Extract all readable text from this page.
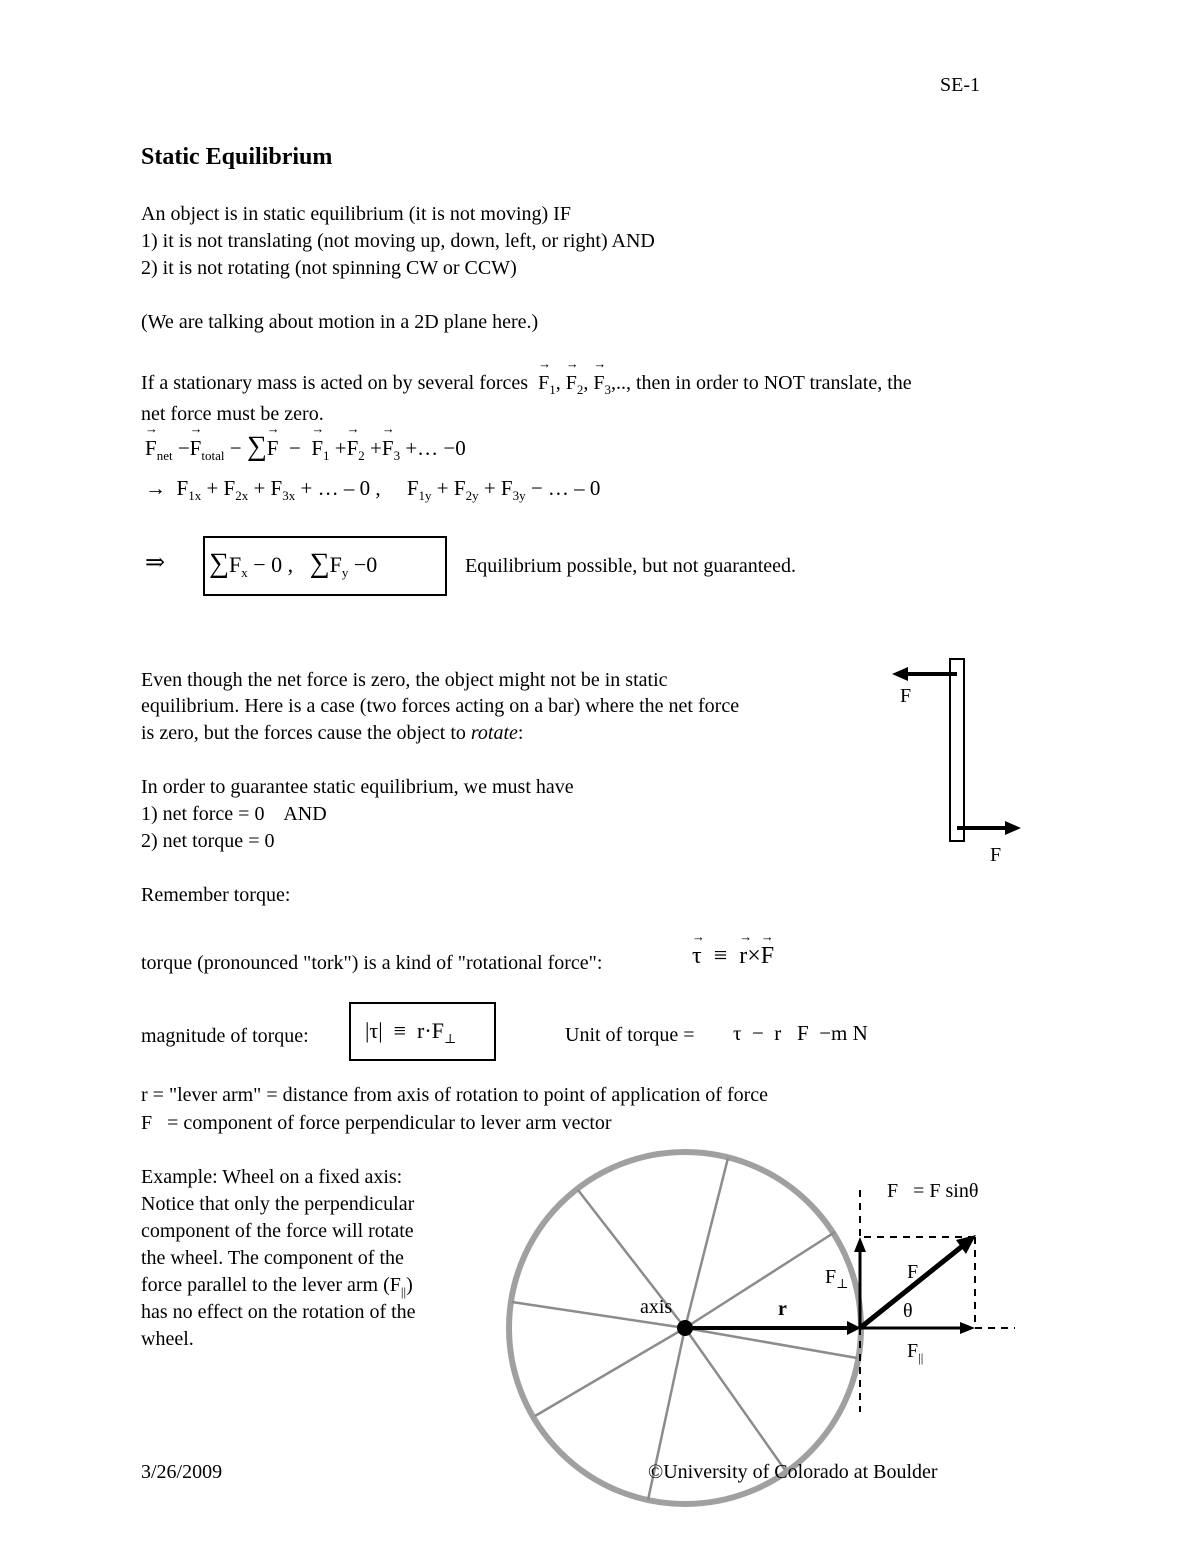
SE-1
Static Equilibrium
An object is in static equilibrium (it is not moving) IF
1) it is not translating (not moving up, down, left, or right) AND
2) it is not rotating (not spinning CW or CCW)
(We are talking about motion in a 2D plane here.)
If a stationary mass is acted on by several forces → $F_1$, → $F_2$, → $F_3$,.., then in order to NOT translate, the
net force must be zero.
→ $F_{net} -\to F_{total}$ − ∑→ F  −  → $F_1 +\to F_2 +\to F_3$ +… −0
→  $F_{1x} + F_{2x} + F_{3x}$ + … – 0 ,     $F_{1y} + F_{2y} + F_{3y}$ − … – 0
⇒ $\sum F_x - 0$ ,   $\sum F_y -0$	Equilibrium possible, but not guaranteed.
Even though the net force is zero, the object might not be in static
equilibrium. Here is a case (two forces acting on a bar) where the net force
is zero, but the forces cause the object to rotate:
In order to guarantee static equilibrium, we must have
1) net force = 0    AND
2) net torque = 0
Remember torque:
F
F
torque (pronounced "tork") is a kind of "rotational force":	→ τ  ≡  → r×→ F
magnitude of torque:	$|\tau| \equiv r\cdot F_\perp$	Unit of torque = τ  −  r   F  −m N
r = "lever arm" = distance from axis of rotation to point of application of force
F   = component of force perpendicular to lever arm vector
Example: Wheel on a fixed axis:
Notice that only the perpendicular
component of the force will rotate
the wheel. The component of the
force parallel to the lever arm $(F_{||})$
has no effect on the rotation of the
wheel.
axis	r
$F_\perp$
F
θ
$F_{||}$
F   = F sinθ
3/26/2009	©University of Colorado at Boulder
